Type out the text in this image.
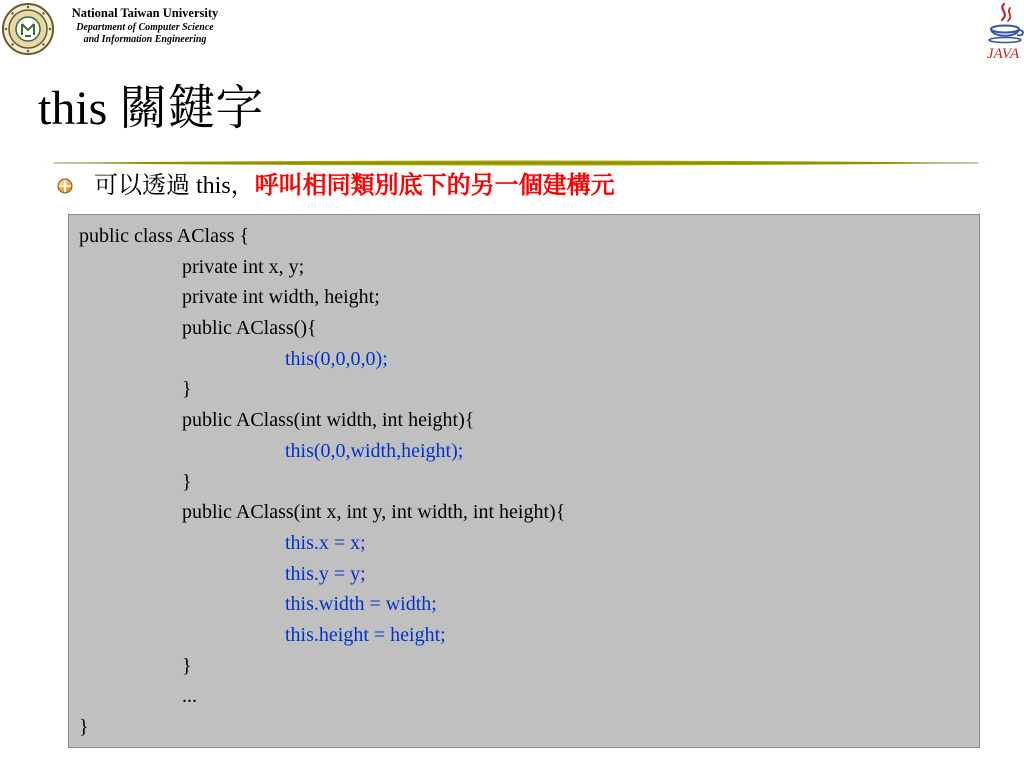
National Taiwan University
Department of Computer Science
and Information Engineering
JAVA
this 關鍵字
可以透過 this，呼叫相同類別底下的另一個建構元
public class AClass {
private int x, y;
private int width, height;
public AClass(){
this(0,0,0,0);
}
public AClass(int width, int height){
this(0,0,width,height);
}
public AClass(int x, int y, int width, int height){
this.x = x;
this.y = y;
this.width = width;
this.height = height;
}
...
}
